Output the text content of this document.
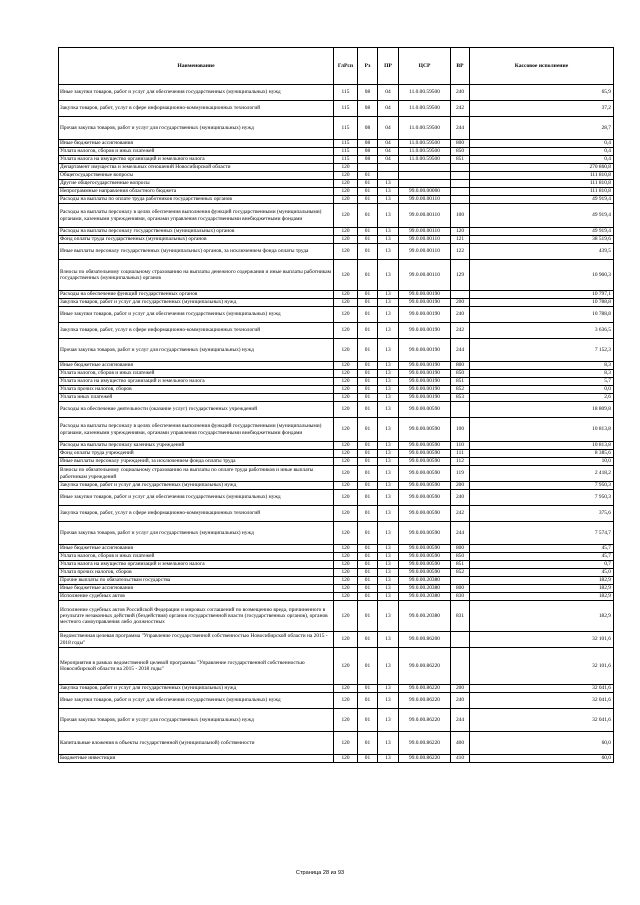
Наименование	ГлРсп	Рз	ПР	ЦСР	ВР	Кассовое исполнение
Иные закупки товаров, работ и услуг для обеспечения государственных (муниципальных) нужд	115	08	04	11.0.00.59500	240	65,9
Закупка товаров, работ, услуг в сфере информационно-коммуникационных технологий	115	08	04	11.0.00.59500	242	37,2
Прочая закупка товаров, работ и услуг для государственных (муниципальных) нужд	115	08	04	11.0.00.59500	244	28,7
Иные бюджетные ассигнования	115	08	04	11.0.00.59500	800	0,4
Уплата налогов, сборов и иных платежей	115	08	04	11.0.00.59500	850	0,4
Уплата налога на имущество организаций и земельного налога	115	08	04	11.0.00.59500	851	0,4
Департамент имущества и земельных отношений Новосибирской области	120					270 860,8
Общегосударственные вопросы	120	01				111 810,8
Другие общегосударственные вопросы	120	01	13			111 810,8
Непрограммные направления областного бюджета	120	01	13	99.0.00.00000		111 810,8
Расходы на выплаты по оплате труда работников государственных органов	120	01	13	99.0.00.00110		49 919,4
Расходы на выплаты персоналу в целях обеспечения выполнения функций государственными (муниципальными) органами, казенными учреждениями, органами управления государственными внебюджетными фондами	120	01	13	99.0.00.00110	100	49 919,4
Расходы на выплаты персоналу государственных (муниципальных) органов	120	01	13	99.0.00.00110	120	49 919,4
Фонд оплаты труда государственных (муниципальных) органов	120	01	13	99.0.00.00110	121	38 519,6
Иные выплаты персоналу государственных (муниципальных) органов, за исключением фонда оплаты труда	120	01	13	99.0.00.00110	122	439,5
Взносы по обязательному социальному страхованию на выплаты денежного содержания и иные выплаты работникам государственных (муниципальных) органов	120	01	13	99.0.00.00110	129	10 960,3
Расходы на обеспечение функций государственных органов	120	01	13	99.0.00.00190		10 797,1
Закупка товаров, работ и услуг для государственных (муниципальных) нужд	120	01	13	99.0.00.00190	200	10 788,8
Иные закупки товаров, работ и услуг для обеспечения государственных (муниципальных) нужд	120	01	13	99.0.00.00190	240	10 788,8
Закупка товаров, работ, услуг в сфере информационно-коммуникационных технологий	120	01	13	99.0.00.00190	242	3 636,5
Прочая закупка товаров, работ и услуг для государственных (муниципальных) нужд	120	01	13	99.0.00.00190	244	7 152,3
Иные бюджетные ассигнования	120	01	13	99.0.00.00190	800	8,3
Уплата налогов, сборов и иных платежей	120	01	13	99.0.00.00190	850	8,3
Уплата налога на имущество организаций и земельного налога	120	01	13	99.0.00.00190	851	5,7
Уплата прочих налогов, сборов	120	01	13	99.0.00.00190	852	0,0
Уплата иных платежей	120	01	13	99.0.00.00190	853	2,6
Расходы на обеспечение деятельности (оказание услуг) государственных учреждений	120	01	13	99.0.00.00590		18 809,8
Расходы на выплаты персоналу в целях обеспечения выполнения функций государственными (муниципальными) органами, казенными учреждениями, органами управления государственными внебюджетными фондами	120	01	13	99.0.00.00590	100	10 813,8
Расходы на выплаты персоналу казенных учреждений	120	01	13	99.0.00.00590	110	10 813,8
Фонд оплаты труда учреждений	120	01	13	99.0.00.00590	111	8 385,6
Иные выплаты персоналу учреждений, за исключением фонда оплаты труда	120	01	13	99.0.00.00590	112	10,0
Взносы по обязательному социальному страхованию на выплаты по оплате труда работников и иные выплаты работникам учреждений	120	01	13	99.0.00.00590	119	2 418,2
Закупка товаров, работ и услуг для государственных (муниципальных) нужд	120	01	13	99.0.00.00590	200	7 950,3
Иные закупки товаров, работ и услуг для обеспечения государственных (муниципальных) нужд	120	01	13	99.0.00.00590	240	7 950,3
Закупка товаров, работ, услуг в сфере информационно-коммуникационных технологий	120	01	13	99.0.00.00590	242	375,6
Прочая закупка товаров, работ и услуг для государственных (муниципальных) нужд	120	01	13	99.0.00.00590	244	7 574,7
Иные бюджетные ассигнования	120	01	13	99.0.00.00590	800	45,7
Уплата налогов, сборов и иных платежей	120	01	13	99.0.00.00590	850	45,7
Уплата налога на имущество организаций и земельного налога	120	01	13	99.0.00.00590	851	0,7
Уплата прочих налогов, сборов	120	01	13	99.0.00.00590	852	45,0
Прочие выплаты по обязательствам государства	120	01	13	99.0.00.20380		182,9
Иные бюджетные ассигнования	120	01	13	99.0.00.20380	800	182,9
Исполнение судебных актов	120	01	13	99.0.00.20380	830	182,9
Исполнение судебных актов Российской Федерации и мировых соглашений по возмещению вреда, причиненного в результате незаконных действий (бездействия) органов государственной власти (государственных органов), органов местного самоуправления либо должностных	120	01	13	99.0.00.20380	831	182,9
Ведомственная целевая программа "Управление государственной собственностью Новосибирской области на 2015 - 2018 годы"	120	01	13	99.0.00.86200		32 101,6
Мероприятия в рамках ведомственной целевой программы "Управление государственной собственностью Новосибирской области на 2015 - 2018 годы"	120	01	13	99.0.00.86220		32 101,6
Закупка товаров, работ и услуг для государственных (муниципальных) нужд	120	01	13	99.0.00.86220	200	32 041,6
Иные закупки товаров, работ и услуг для обеспечения государственных (муниципальных) нужд	120	01	13	99.0.00.86220	240	32 041,6
Прочая закупка товаров, работ и услуг для государственных (муниципальных) нужд	120	01	13	99.0.00.86220	244	32 041,6
Капитальные вложения в объекты государственной (муниципальной) собственности	120	01	13	99.0.00.86220	400	60,0
Бюджетные инвестиции	120	01	13	99.0.00.86220	410	60,0
Страница 28 из 93
